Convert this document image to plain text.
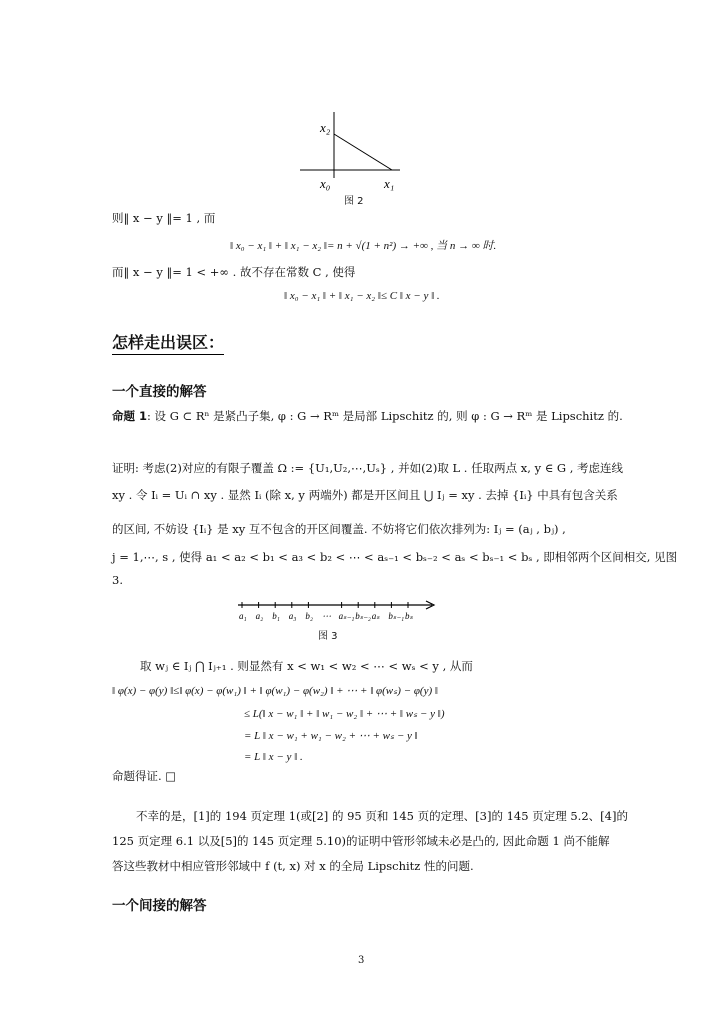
x₂
x₀	x₁
图 2
则‖ x − y ‖= 1 , 而
‖ x₀ − x₁ ‖ + ‖ x₁ − x₂ ‖= n + √(1 + n²) → +∞ , 当 n → ∞ 时.
而‖ x − y ‖= 1 < +∞ . 故不存在常数 C , 使得
‖ x₀ − x₁ ‖ + ‖ x₁ − x₂ ‖≤ C ‖ x − y ‖ .
怎样走出误区：
一个直接的解答
命题 1: 设 G ⊂ Rⁿ 是紧凸子集, φ : G → Rᵐ 是局部 Lipschitz 的, 则 φ : G → Rᵐ 是 Lipschitz 的.
证明: 考虑(2)对应的有限子覆盖 Ω := {U₁,U₂,⋯,Uₛ} , 并如(2)取 L . 任取两点 x, y ∈ G , 考虑连线
xy . 令 Iᵢ = Uᵢ ∩ xy . 显然 Iᵢ (除 x, y 两端外) 都是开区间且 ⋃ Iⱼ = xy . 去掉 {Iᵢ} 中具有包含关系
的区间, 不妨设 {Iᵢ} 是 xy 互不包含的开区间覆盖. 不妨将它们依次排列为: Iⱼ = (aⱼ , bⱼ) ,
j = 1,⋯, s , 使得 a₁ < a₂ < b₁ < a₃ < b₂ < ⋯ < aₛ₋₁ < bₛ₋₂ < aₛ < bₛ₋₁ < bₛ , 即相邻两个区间相交, 见图
3.
a₁ a₂ b₁ a₃ b₂ ⋯ aₛ₋₁ bₛ₋₂ aₛ bₛ₋₁ bₛ
图 3
取 wⱼ ∈ Iⱼ ⋂ Iⱼ₊₁ . 则显然有 x < w₁ < w₂ < ⋯ < wₛ < y , 从而
‖ φ(x) − φ(y) ‖≤‖ φ(x) − φ(w₁) ‖ + ‖ φ(w₁) − φ(w₂) ‖ + ⋯ + ‖ φ(wₛ) − φ(y) ‖
≤ L(‖ x − w₁ ‖ + ‖ w₁ − w₂ ‖ + ⋯ + ‖ wₛ − y ‖)
= L ‖ x − w₁ + w₁ − w₂ + ⋯ + wₛ − y ‖
= L ‖ x − y ‖ .
命题得证. □
不幸的是，[1]的 194 页定理 1(或[2] 的 95 页和 145 页的定理、[3]的 145 页定理 5.2、[4]的
125 页定理 6.1 以及[5]的 145 页定理 5.10)的证明中管形邻域未必是凸的, 因此命题 1 尚不能解
答这些教材中相应管形邻域中 f (t, x) 对 x 的全局 Lipschitz 性的问题.
一个间接的解答
3
